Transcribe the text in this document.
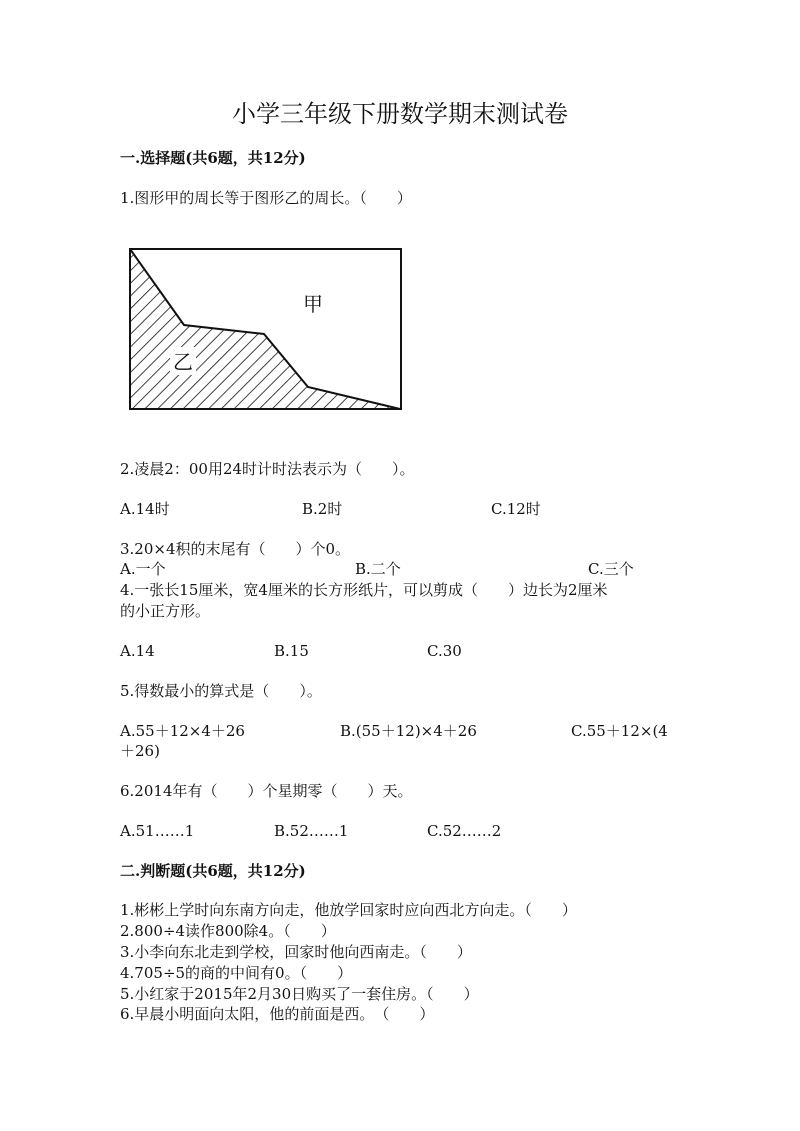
小学三年级下册数学期末测试卷
一.选择题(共6题，共12分)
1.图形甲的周长等于图形乙的周长。（　　）
乙
甲
2.凌晨2：00用24时计时法表示为（　　）。
A.14时	B.2时	C.12时
3.20×4积的末尾有（　　）个0。
A.一个	B.二个	C.三个
4.一张长15厘米，宽4厘米的长方形纸片，可以剪成（　　）边长为2厘米
的小正方形。
A.14	B.15	C.30
5.得数最小的算式是（　　）。
A.55＋12×4＋26	B.(55＋12)×4＋26	C.55＋12×(4
＋26)
6.2014年有（　　）个星期零（　　）天。
A.51……1	B.52……1	C.52……2
二.判断题(共6题，共12分)
1.彬彬上学时向东南方向走，他放学回家时应向西北方向走。（　　）
2.800÷4读作800除4。（　　）
3.小李向东北走到学校，回家时他向西南走。（　　）
4.705÷5的商的中间有0。（　　）
5.小红家于2015年2月30日购买了一套住房。（　　）
6.早晨小明面向太阳，他的前面是西。　（　　）
